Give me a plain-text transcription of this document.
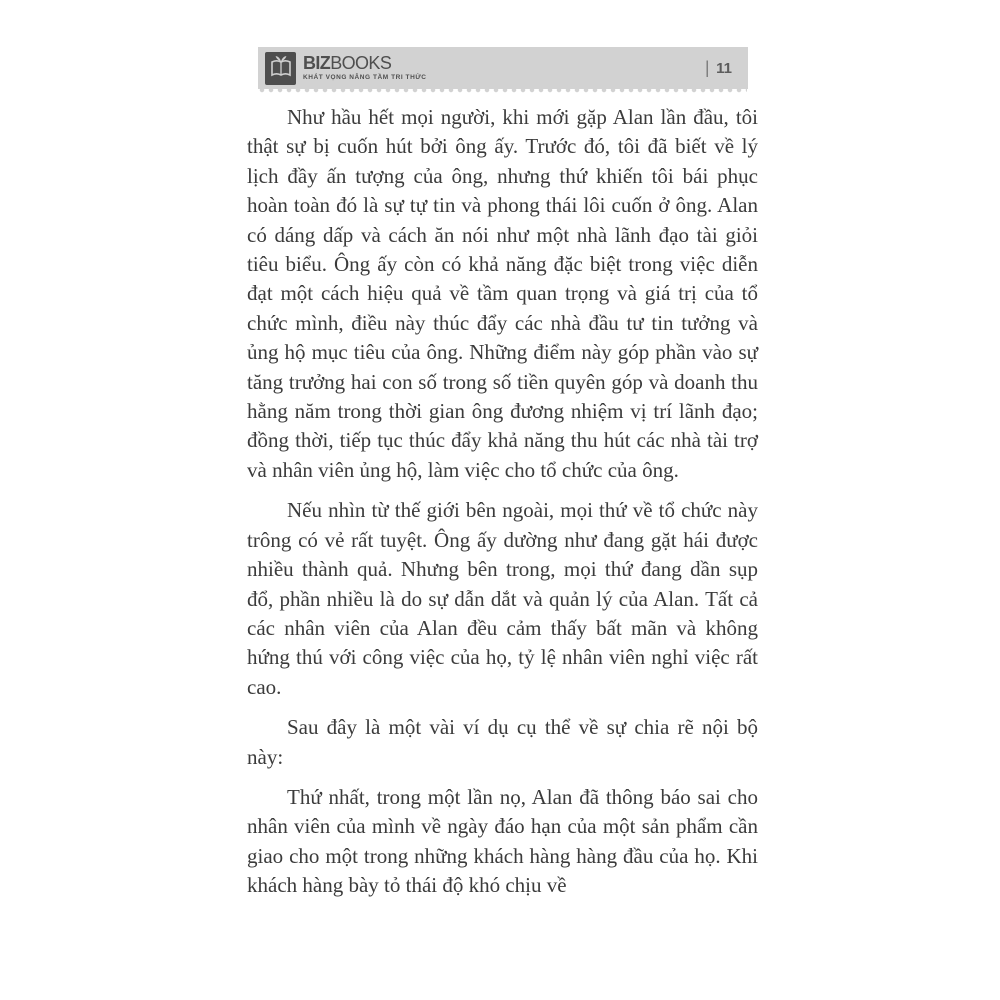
BIZBOOKS
KHÁT VỌNG NÂNG TẦM TRI THỨC	| 11

Như hầu hết mọi người, khi mới gặp Alan lần đầu, tôi thật sự bị cuốn hút bởi ông ấy. Trước đó, tôi đã biết về lý lịch đầy ấn tượng của ông, nhưng thứ khiến tôi bái phục hoàn toàn đó là sự tự tin và phong thái lôi cuốn ở ông. Alan có dáng dấp và cách ăn nói như một nhà lãnh đạo tài giỏi tiêu biểu. Ông ấy còn có khả năng đặc biệt trong việc diễn đạt một cách hiệu quả về tầm quan trọng và giá trị của tổ chức mình, điều này thúc đẩy các nhà đầu tư tin tưởng và ủng hộ mục tiêu của ông. Những điểm này góp phần vào sự tăng trưởng hai con số trong số tiền quyên góp và doanh thu hằng năm trong thời gian ông đương nhiệm vị trí lãnh đạo; đồng thời, tiếp tục thúc đẩy khả năng thu hút các nhà tài trợ và nhân viên ủng hộ, làm việc cho tổ chức của ông.

Nếu nhìn từ thế giới bên ngoài, mọi thứ về tổ chức này trông có vẻ rất tuyệt. Ông ấy dường như đang gặt hái được nhiều thành quả. Nhưng bên trong, mọi thứ đang dần sụp đổ, phần nhiều là do sự dẫn dắt và quản lý của Alan. Tất cả các nhân viên của Alan đều cảm thấy bất mãn và không hứng thú với công việc của họ, tỷ lệ nhân viên nghỉ việc rất cao.

Sau đây là một vài ví dụ cụ thể về sự chia rẽ nội bộ này:

Thứ nhất, trong một lần nọ, Alan đã thông báo sai cho nhân viên của mình về ngày đáo hạn của một sản phẩm cần giao cho một trong những khách hàng hàng đầu của họ. Khi khách hàng bày tỏ thái độ khó chịu về
